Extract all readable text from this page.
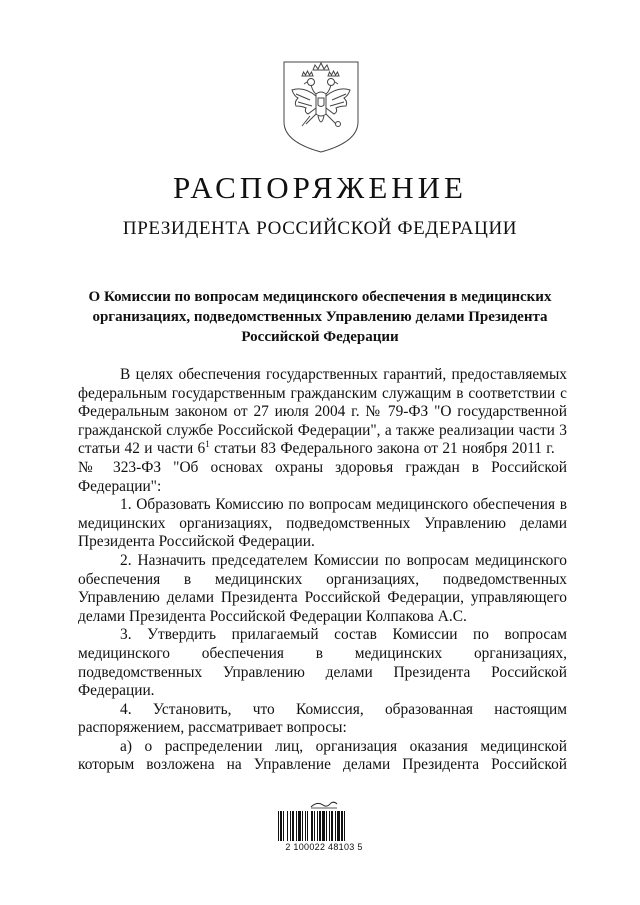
РАСПОРЯЖЕНИЕ
ПРЕЗИДЕНТА РОССИЙСКОЙ ФЕДЕРАЦИИ
О Комиссии по вопросам медицинского обеспечения в медицинских
организациях, подведомственных Управлению делами Президента
Российской Федерации
В целях обеспечения государственных гарантий, предоставляемых
федеральным государственным гражданским служащим в соответствии с
Федеральным законом от 27 июля 2004 г. № 79-ФЗ "О государственной
гражданской службе Российской Федерации", а также реализации части 3
статьи 42 и части $6^1$ статьи 83 Федерального закона от 21 ноября 2011 г.
№ 323-ФЗ "Об основах охраны здоровья граждан в Российской
Федерации":
1. Образовать Комиссию по вопросам медицинского обеспечения в
медицинских организациях, подведомственных Управлению делами
Президента Российской Федерации.
2. Назначить председателем Комиссии по вопросам медицинского
обеспечения в медицинских организациях, подведомственных
Управлению делами Президента Российской Федерации, управляющего
делами Президента Российской Федерации Колпакова А.С.
3. Утвердить прилагаемый состав Комиссии по вопросам
медицинского обеспечения в медицинских организациях,
подведомственных Управлению делами Президента Российской
Федерации.
4. Установить, что Комиссия, образованная настоящим
распоряжением, рассматривает вопросы:
а) о распределении лиц, организация оказания медицинской
которым возложена на Управление делами Президента Российской
2 100022 48103 5
